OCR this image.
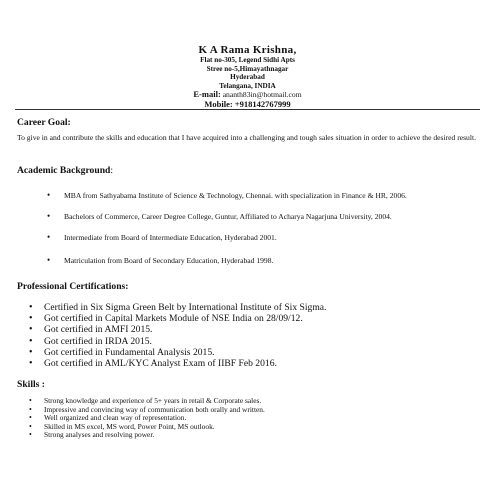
K A Rama Krishna,
Flat no-305, Legend Sidhi Apts
Stree no-5,Himayathnagar
Hyderabad
Telangana, INDIA
E-mail: ananth83in@hotmail.com
Mobile: +918142767999
Career Goal:
To give in and contribute the skills and education that I have acquired into a challenging and tough sales situation in order to achieve the desired result.
Academic Background:
• MBA from Sathyabama Institute of Science & Technology, Chennai. with specialization in Finance & HR, 2006.
• Bachelors of Commerce, Career Degree College, Guntur, Affiliated to Acharya Nagarjuna University, 2004.
• Intermediate from Board of Intermediate Education, Hyderabad 2001.
• Matriculation from Board of Secondary Education, Hyderabad 1998.
Professional Certifications:
• Certified in Six Sigma Green Belt by International Institute of Six Sigma.
• Got certified in Capital Markets Module of NSE India on 28/09/12.
• Got certified in AMFI 2015.
• Got certified in IRDA 2015.
• Got certified in Fundamental Analysis 2015.
• Got certified in AML/KYC Analyst Exam of IIBF Feb 2016.
Skills :
• Strong knowledge and experience of 5+ years in retail & Corporate sales.
• Impressive and convincing way of communication both orally and written.
• Well organized and clean way of representation.
• Skilled in MS excel, MS word, Power Point, MS outlook.
• Strong analyses and resolving power.
